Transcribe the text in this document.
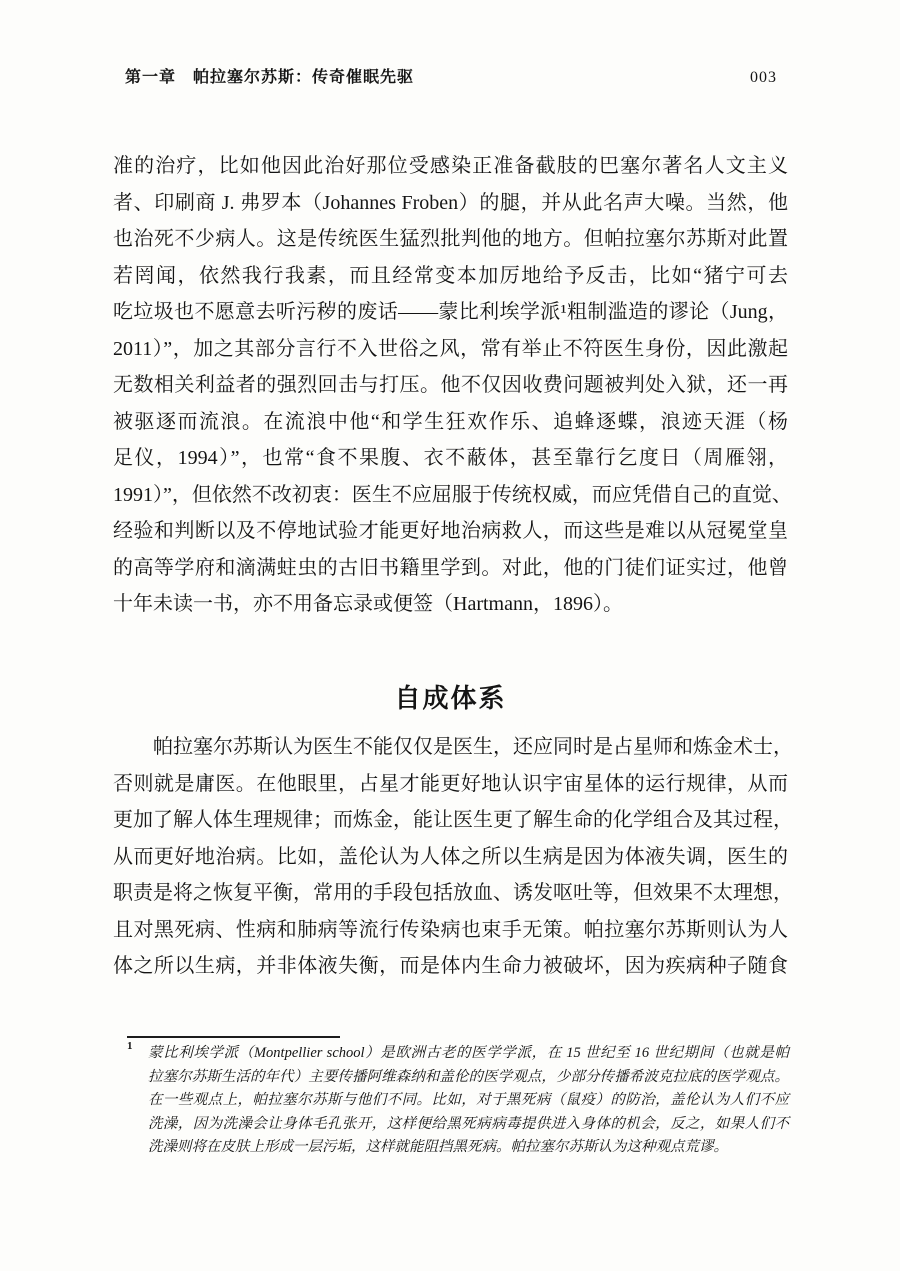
第一章　帕拉塞尔苏斯：传奇催眠先驱	003
准的治疗，比如他因此治好那位受感染正准备截肢的巴塞尔著名人文主义
者、印刷商 J. 弗罗本（Johannes Froben）的腿，并从此名声大噪。当然，他
也治死不少病人。这是传统医生猛烈批判他的地方。但帕拉塞尔苏斯对此置
若罔闻，依然我行我素，而且经常变本加厉地给予反击，比如“猪宁可去
吃垃圾也不愿意去听污秽的废话——蒙比利埃学派¹粗制滥造的谬论（Jung，
2011）”，加之其部分言行不入世俗之风，常有举止不符医生身份，因此激起
无数相关利益者的强烈回击与打压。他不仅因收费问题被判处入狱，还一再
被驱逐而流浪。在流浪中他“和学生狂欢作乐、追蜂逐蝶，浪迹天涯（杨
足仪，1994）”，也常“食不果腹、衣不蔽体，甚至靠行乞度日（周雁翎，
1991）”，但依然不改初衷：医生不应屈服于传统权威，而应凭借自己的直觉、
经验和判断以及不停地试验才能更好地治病救人，而这些是难以从冠冕堂皇
的高等学府和滴满蛀虫的古旧书籍里学到。对此，他的门徒们证实过，他曾
十年未读一书，亦不用备忘录或便签（Hartmann，1896）。
自成体系
帕拉塞尔苏斯认为医生不能仅仅是医生，还应同时是占星师和炼金术士，
否则就是庸医。在他眼里，占星才能更好地认识宇宙星体的运行规律，从而
更加了解人体生理规律；而炼金，能让医生更了解生命的化学组合及其过程，
从而更好地治病。比如，盖伦认为人体之所以生病是因为体液失调，医生的
职责是将之恢复平衡，常用的手段包括放血、诱发呕吐等，但效果不太理想，
且对黑死病、性病和肺病等流行传染病也束手无策。帕拉塞尔苏斯则认为人
体之所以生病，并非体液失衡，而是体内生命力被破坏，因为疾病种子随食
1 蒙比利埃学派（Montpellier school）是欧洲古老的医学学派，在 15 世纪至 16 世纪期间（也就是帕
拉塞尔苏斯生活的年代）主要传播阿维森纳和盖伦的医学观点，少部分传播希波克拉底的医学观点。
在一些观点上，帕拉塞尔苏斯与他们不同。比如，对于黑死病（鼠疫）的防治，盖伦认为人们不应
洗澡，因为洗澡会让身体毛孔张开，这样便给黑死病病毒提供进入身体的机会，反之，如果人们不
洗澡则将在皮肤上形成一层污垢，这样就能阻挡黑死病。帕拉塞尔苏斯认为这种观点荒谬。
